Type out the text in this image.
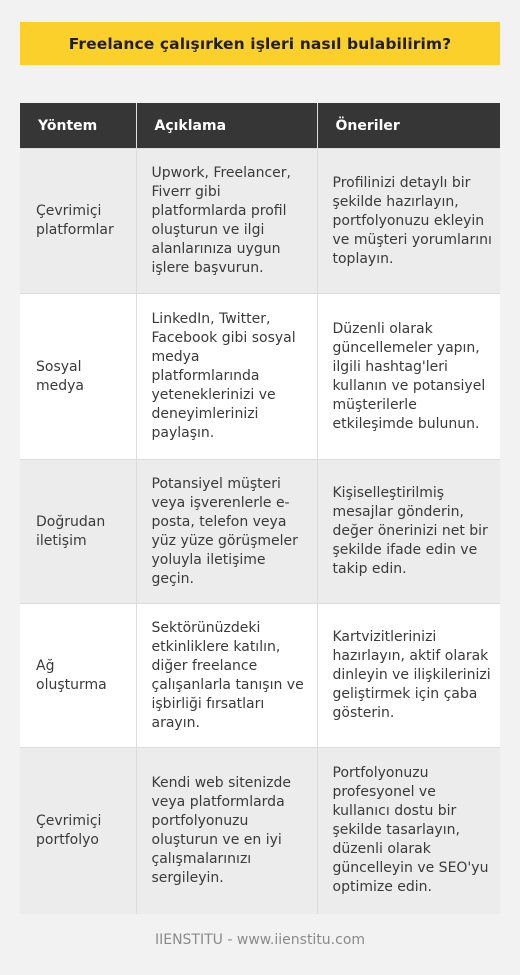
Freelance çalışırken işleri nasıl bulabilirim?
Yöntem	Açıklama	Öneriler
Çevrimiçi platformlar	Upwork, Freelancer, Fiverr gibi platformlarda profil oluşturun ve ilgi alanlarınıza uygun işlere başvurun.	Profilinizi detaylı bir şekilde hazırlayın, portfolyonuzu ekleyin ve müşteri yorumlarını toplayın.
Sosyal medya	LinkedIn, Twitter, Facebook gibi sosyal medya platformlarında yeteneklerinizi ve deneyimlerinizi paylaşın.	Düzenli olarak güncellemeler yapın, ilgili hashtag'leri kullanın ve potansiyel müşterilerle etkileşimde bulunun.
Doğrudan iletişim	Potansiyel müşteri veya işverenlerle e-posta, telefon veya yüz yüze görüşmeler yoluyla iletişime geçin.	Kişiselleştirilmiş mesajlar gönderin, değer önerinizi net bir şekilde ifade edin ve takip edin.
Ağ oluşturma	Sektörünüzdeki etkinliklere katılın, diğer freelance çalışanlarla tanışın ve işbirliği fırsatları arayın.	Kartvizitlerinizi hazırlayın, aktif olarak dinleyin ve ilişkilerinizi geliştirmek için çaba gösterin.
Çevrimiçi portfolyo	Kendi web sitenizde veya platformlarda portfolyonuzu oluşturun ve en iyi çalışmalarınızı sergileyin.	Portfolyonuzu profesyonel ve kullanıcı dostu bir şekilde tasarlayın, düzenli olarak güncelleyin ve SEO'yu optimize edin.
IIENSTITU - www.iienstitu.com
